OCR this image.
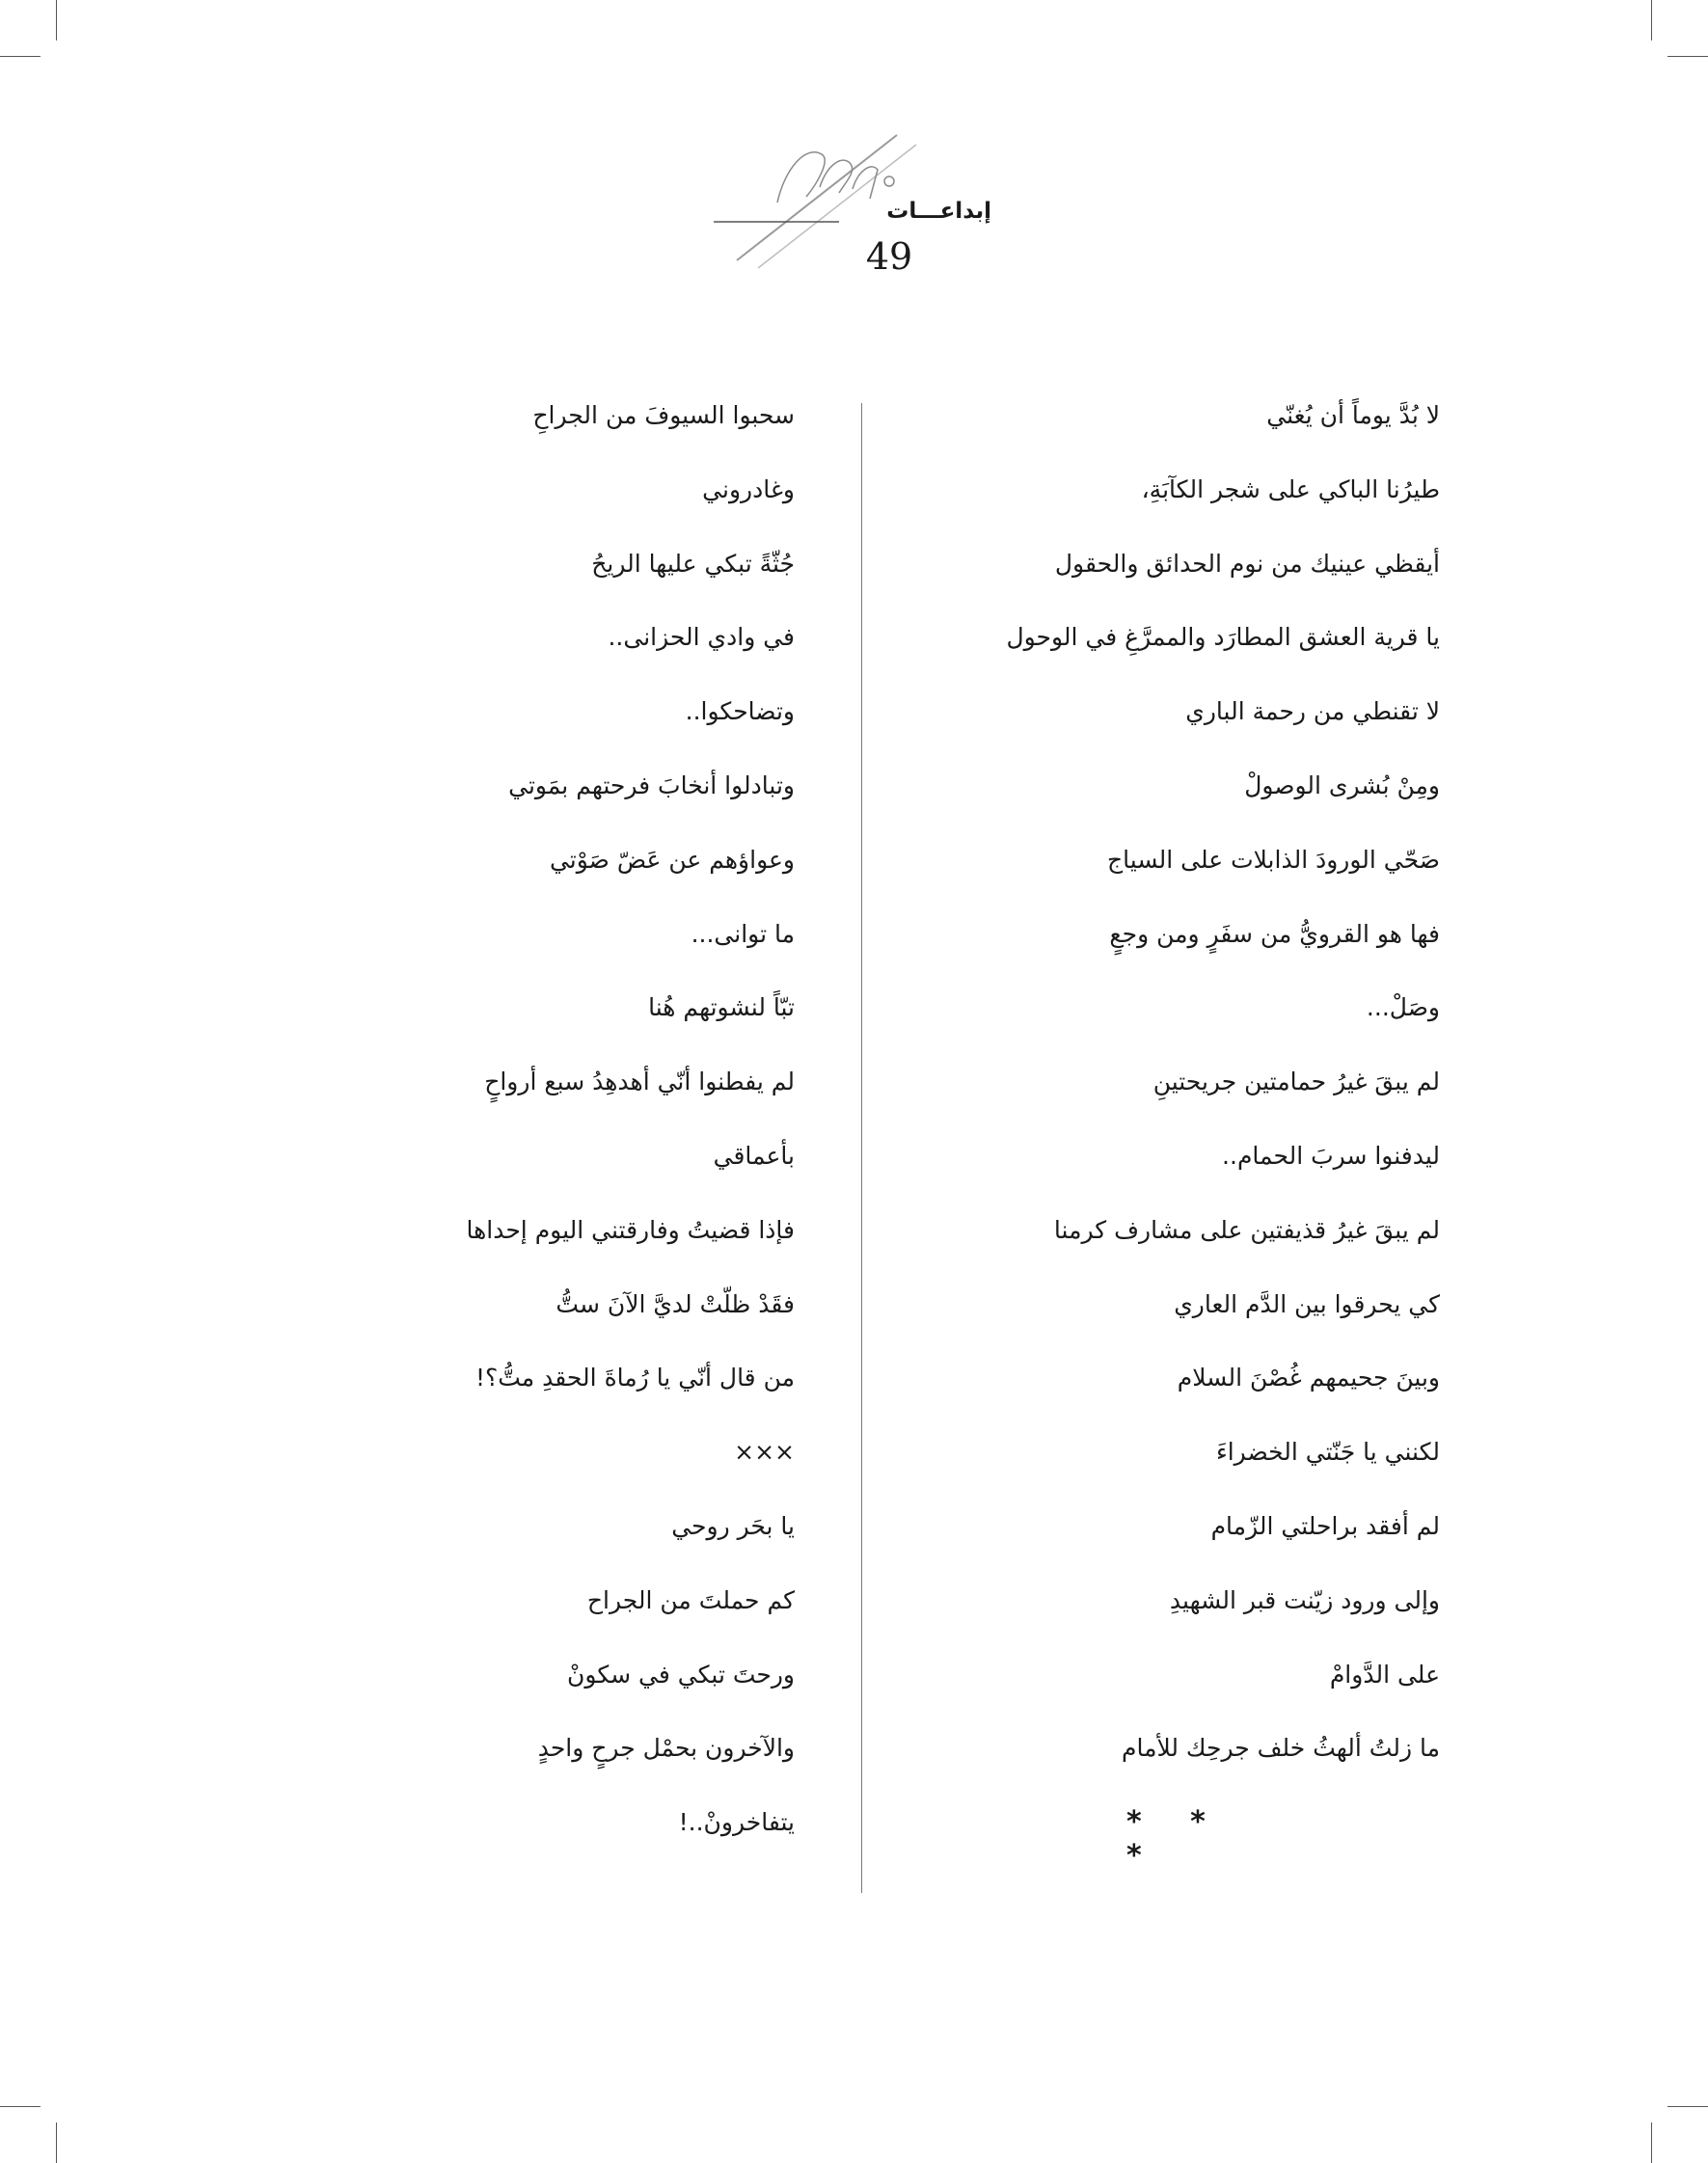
إبداعـــات
49
لا بُدَّ يوماً أن يُغنّي
طيرُنا الباكي على شجر الكآبَةِ،
أيقظي عينيك من نوم الحدائق والحقول
يا قرية العشق المطارَد والممرَّغِ في الوحول
لا تقنطي من رحمة الباري
ومِنْ بُشرى الوصولْ
صَحّي الورودَ الذابلات على السياج
فها هو القرويُّ من سفَرٍ ومن وجعٍ
وصَلْ...
لم يبقَ غيرُ حمامتين جريحتينِ
ليدفنوا سربَ الحمام..
لم يبقَ غيرُ قذيفتين على مشارف كرمنا
كي يحرقوا بين الدَّم العاري
وبينَ جحيمهم غُصْنَ السلام
لكنني يا جَنّتي الخضراءَ
لم أفقد براحلتي الزّمام
وإلى ورود زيّنت قبر الشهيدِ
على الدَّوامْ
ما زلتُ ألهثُ خلف جرحِك للأمام
* * *
سحبوا السيوفَ من الجراحِ
وغادروني
جُثّةً تبكي عليها الريحُ
في وادي الحزانى..
وتضاحكوا..
وتبادلوا أنخابَ فرحتهم بمَوتي
وعواؤهم عن عَضّ صَوْتي
ما توانى...
تبّاً لنشوتهم هُنا
لم يفطنوا أنّي أهدهِدُ سبع أرواحٍ
بأعماقي
فإذا قضيتُ وفارقتني اليوم إحداها
فقَدْ ظلّتْ لديَّ الآنَ ستُّ
من قال أنّي يا رُماةَ الحقدِ متُّ؟!
×××
يا بحَر روحي
كم حملتَ من الجراح
ورحتَ تبكي في سكونْ
والآخرون بحمْل جرحٍ واحدٍ
يتفاخرونْ..!
